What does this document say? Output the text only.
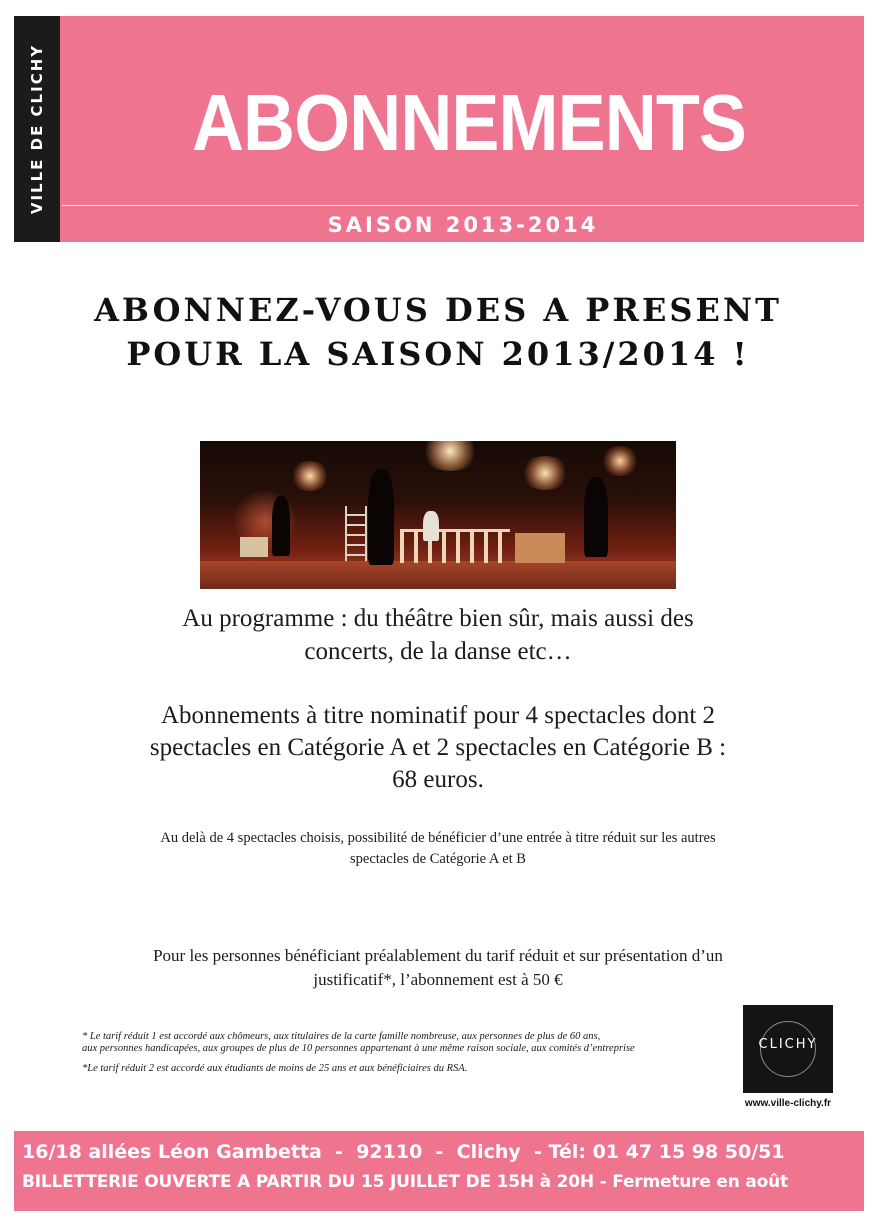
VILLE DE CLICHY	ABONNEMENTS
SAISON 2013-2014
ABONNEZ-VOUS DES A PRESENT
POUR LA SAISON 2013/2014 !
Au programme : du théâtre bien sûr, mais aussi des
concerts, de la danse etc…
Abonnements à titre nominatif pour 4 spectacles dont 2
spectacles en Catégorie A et 2 spectacles en Catégorie B :
68 euros.
Au delà de 4 spectacles choisis, possibilité de bénéficier d’une entrée à titre réduit sur les autres
spectacles de Catégorie A et B
Pour les personnes bénéficiant préalablement du tarif réduit et sur présentation d’un
justificatif*, l’abonnement est à 50 €
* Le tarif réduit 1 est accordé aux chômeurs, aux titulaires de la carte famille nombreuse, aux personnes de plus de 60 ans,
aux personnes handicapées, aux groupes de plus de 10 personnes appartenant à une même raison sociale, aux comités d’entreprise
*Le tarif réduit 2 est accordé aux étudiants de moins de 25 ans et aux bénéficiaires du RSA.
CLICHY
www.ville-clichy.fr
16/18 allées Léon Gambetta  -  92110  -  Clichy  - Tél: 01 47 15 98 50/51
BILLETTERIE OUVERTE A PARTIR DU 15 JUILLET DE 15H à 20H - Fermeture en août
